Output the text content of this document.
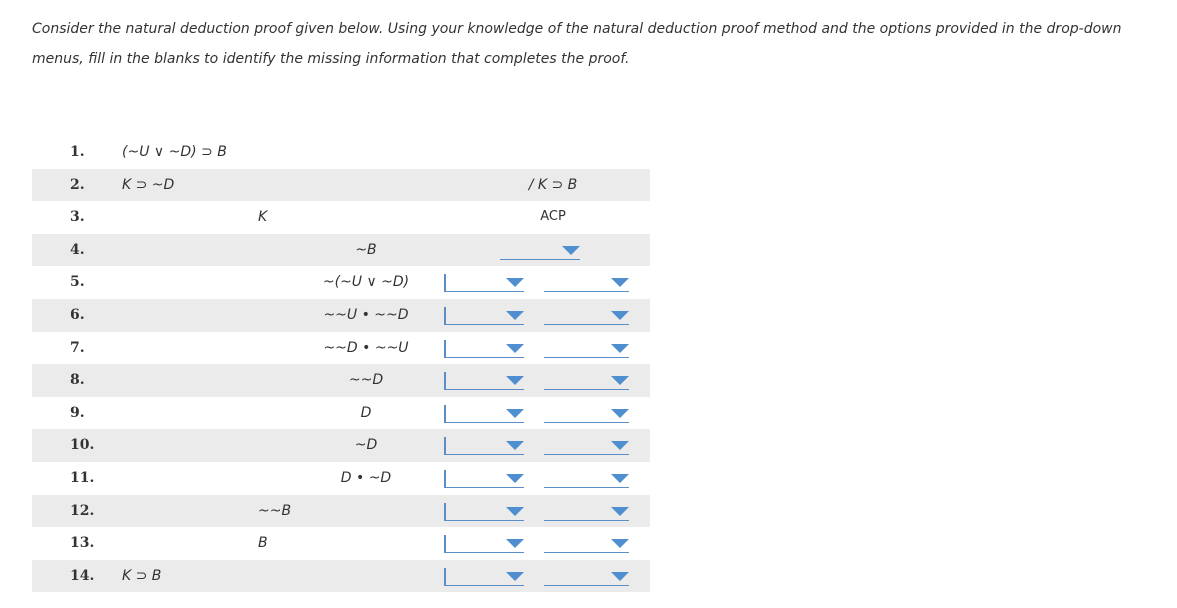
Consider the natural deduction proof given below. Using your knowledge of the natural deduction proof method and the options provided in the drop-down menus, fill in the blanks to identify the missing information that completes the proof.

1.	(~U ∨ ~D) ⊃ B
2.	K ⊃ ~D	/ K ⊃ B
3.	K	ACP
4.	~B
5.	~(~U ∨ ~D)
6.	~~U • ~~D
7.	~~D • ~~U
8.	~~D
9.	D
10.	~D
11.	D • ~D
12.	~~B
13.	B
14. K ⊃ B
